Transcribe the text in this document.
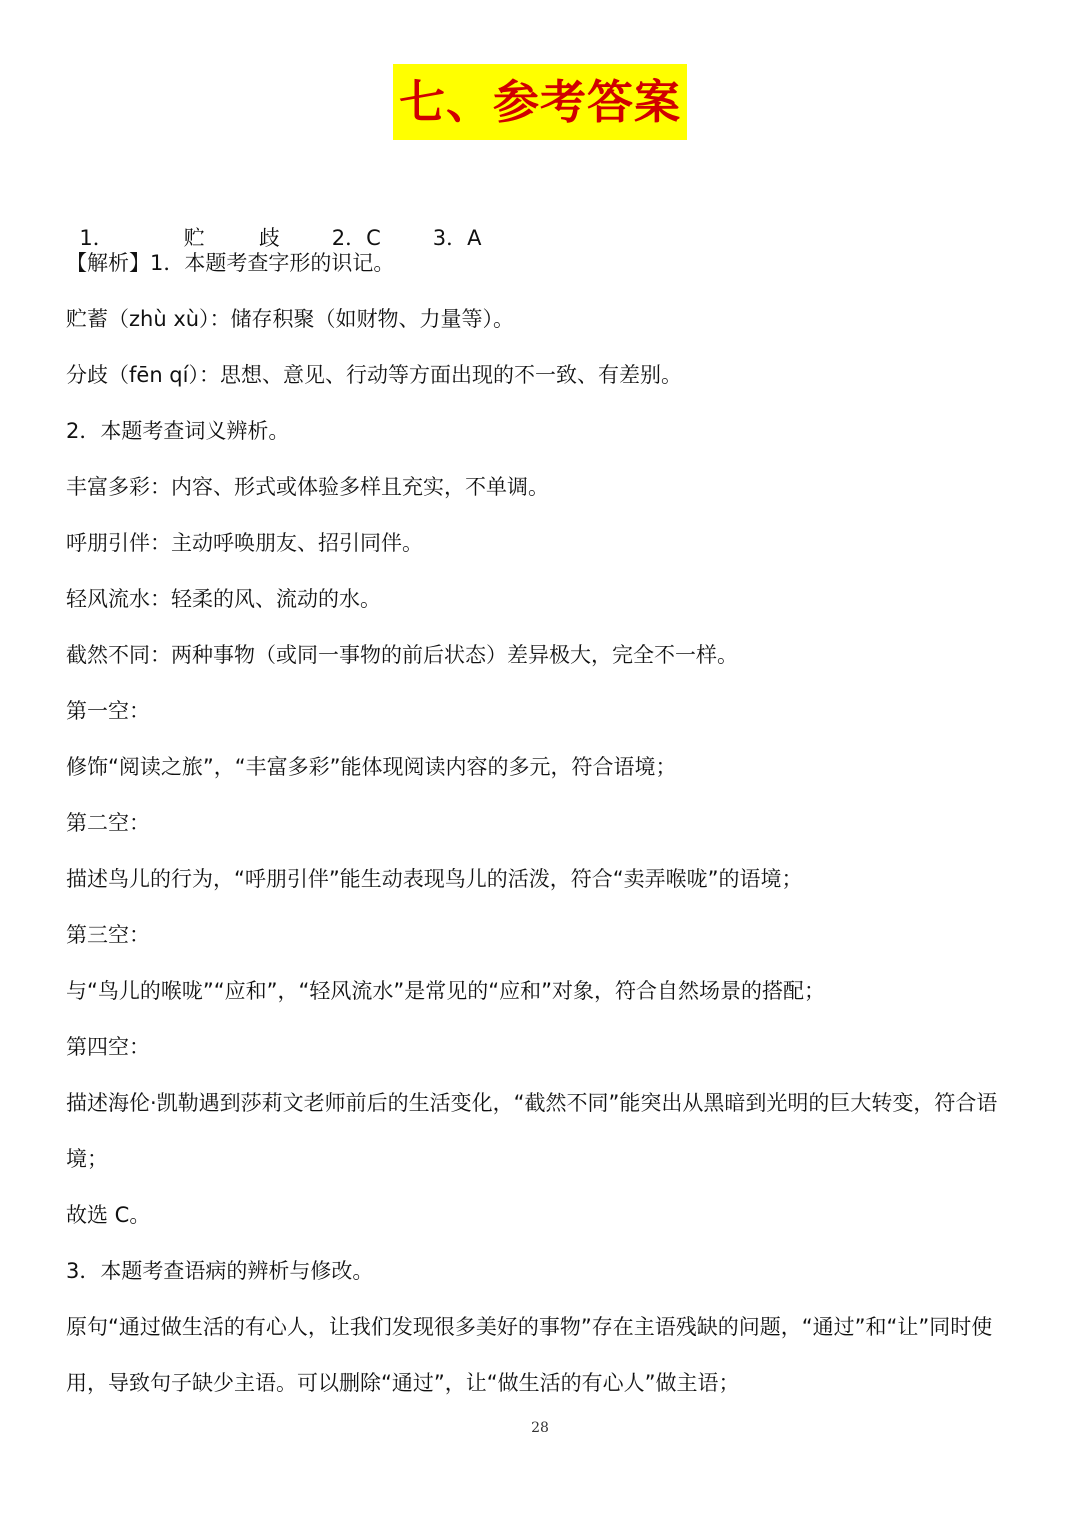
七、参考答案

1．	贮	歧 2．C 3．A

【解析】1．本题考查字形的识记。

贮蓄（zhù xù）：储存积聚（如财物、力量等）。

分歧（fēn qí）：思想、意见、行动等方面出现的不一致、有差别。

2．本题考查词义辨析。

丰富多彩：内容、形式或体验多样且充实，不单调。

呼朋引伴：主动呼唤朋友、招引同伴。

轻风流水：轻柔的风、流动的水。

截然不同：两种事物（或同一事物的前后状态）差异极大，完全不一样。

第一空：

修饰“阅读之旅”，“丰富多彩”能体现阅读内容的多元，符合语境；

第二空：

描述鸟儿的行为，“呼朋引伴”能生动表现鸟儿的活泼，符合“卖弄喉咙”的语境；

第三空：

与“鸟儿的喉咙”“应和”，“轻风流水”是常见的“应和”对象，符合自然场景的搭配；

第四空：

描述海伦·凯勒遇到莎莉文老师前后的生活变化，“截然不同”能突出从黑暗到光明的巨大转变，符合语境；

故选 C。

3．本题考查语病的辨析与修改。

原句“通过做生活的有心人，让我们发现很多美好的事物”存在主语残缺的问题，“通过”和“让”同时使用，导致句子缺少主语。可以删除“通过”，让“做生活的有心人”做主语；

28
